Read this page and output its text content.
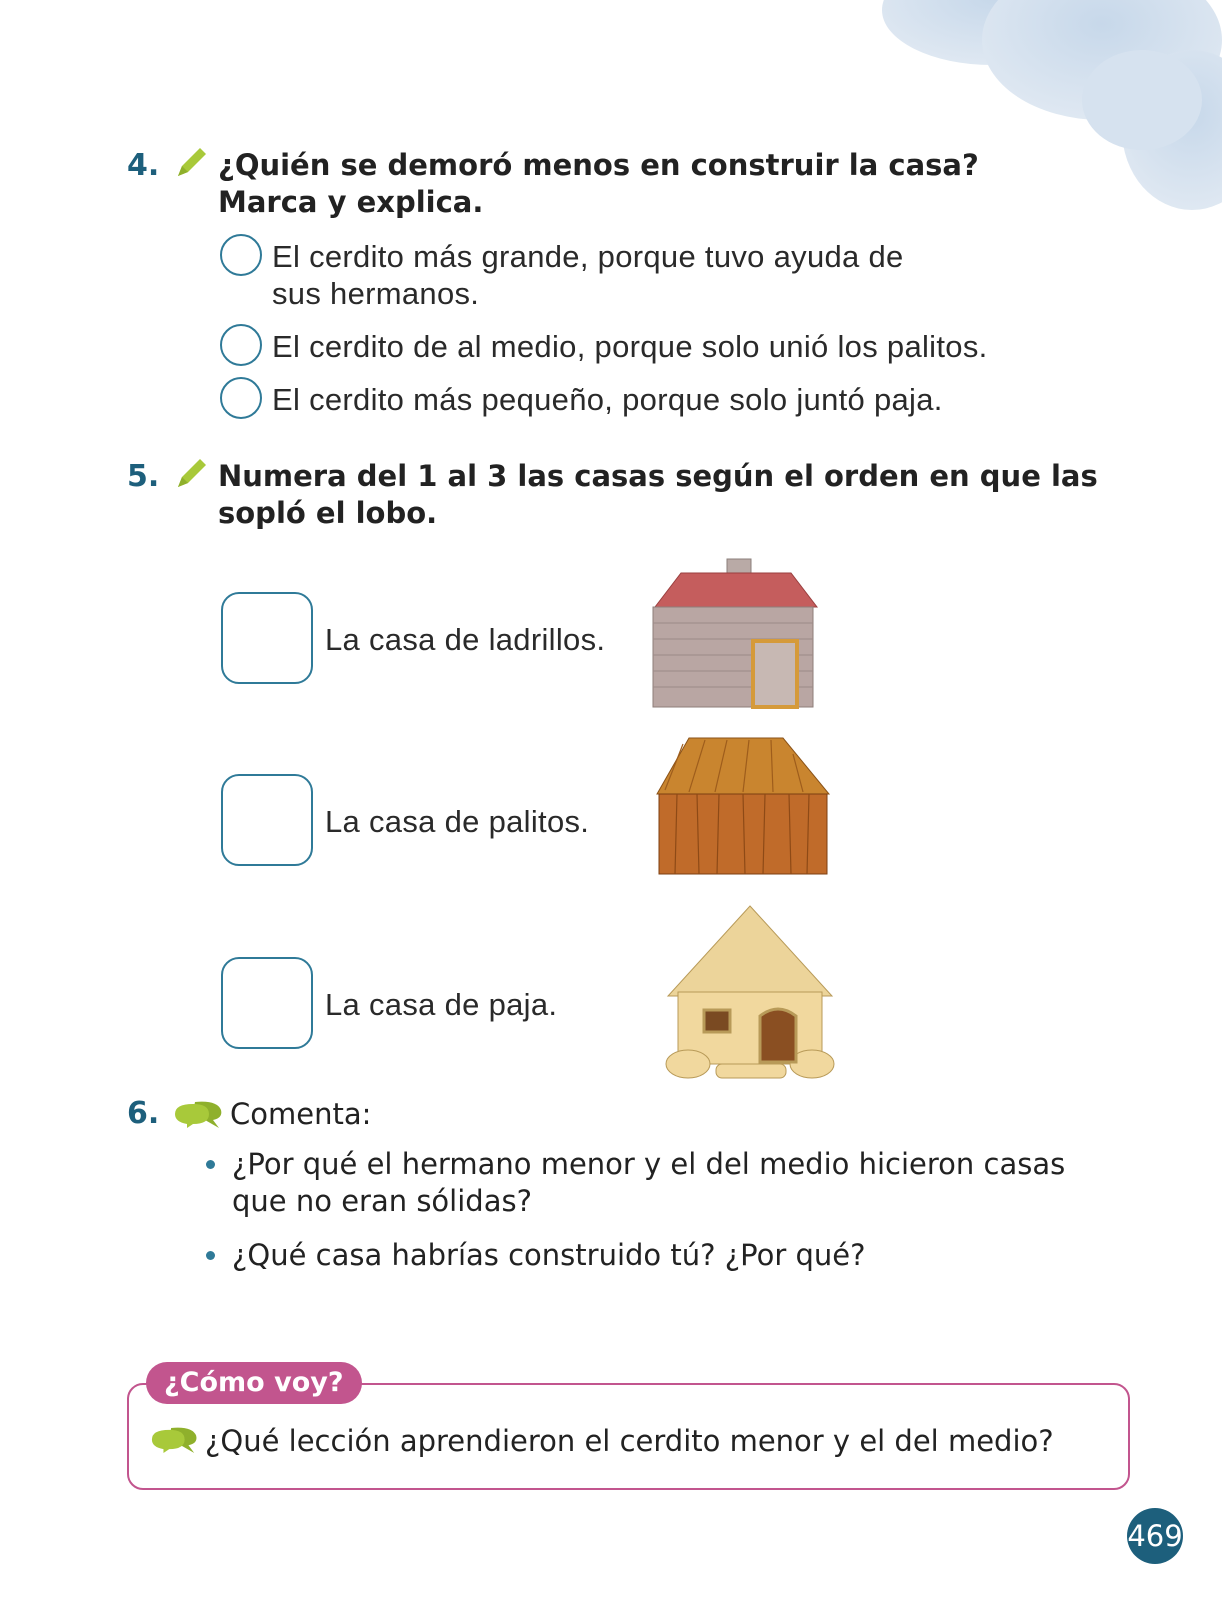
4. ¿Quién se demoró menos en construir la casa?
Marca y explica.
El cerdito más grande, porque tuvo ayuda de sus hermanos.
El cerdito de al medio, porque solo unió los palitos.
El cerdito más pequeño, porque solo juntó paja.
5. Numera del 1 al 3 las casas según el orden en que las sopló el lobo.
La casa de ladrillos.
La casa de palitos.
La casa de paja.
6. Comenta:
¿Por qué el hermano menor y el del medio hicieron casas que no eran sólidas?
¿Qué casa habrías construido tú? ¿Por qué?
¿Cómo voy?
¿Qué lección aprendieron el cerdito menor y el del medio?
469
